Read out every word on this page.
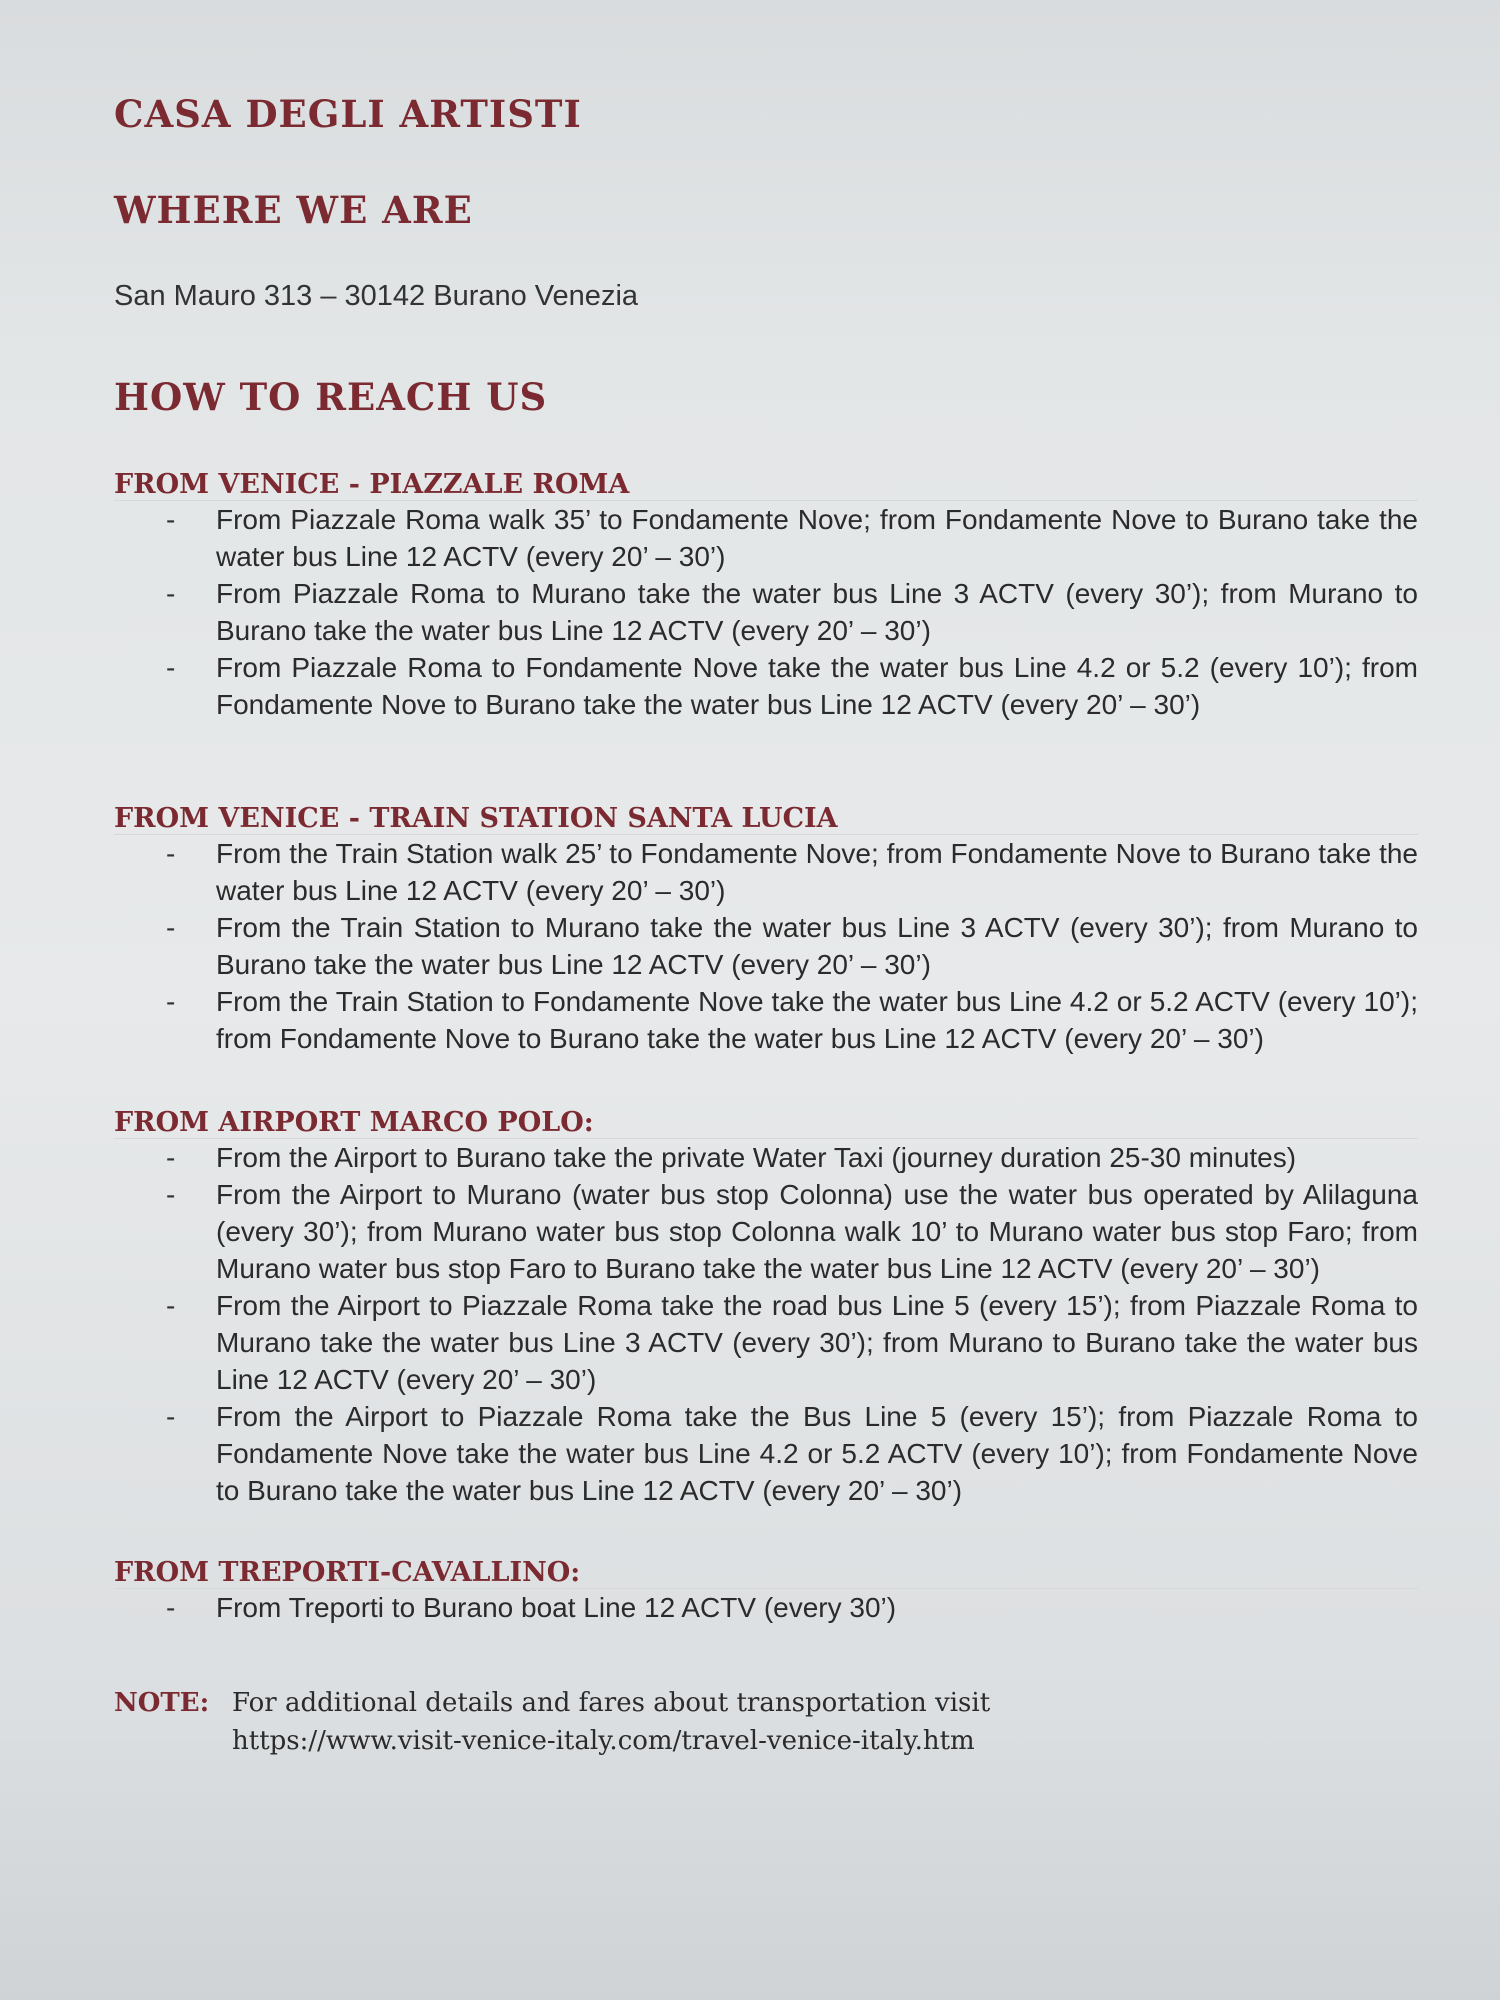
CASA DEGLI ARTISTI
WHERE WE ARE
San Mauro 313 – 30142 Burano Venezia
HOW TO REACH US
FROM VENICE - PIAZZALE ROMA
- From Piazzale Roma walk 35’ to Fondamente Nove; from Fondamente Nove to Burano take the water bus Line 12 ACTV (every 20’ – 30’)
- From Piazzale Roma to Murano take the water bus Line 3 ACTV (every 30’); from Murano to Burano take the water bus Line 12 ACTV (every 20’ – 30’)
- From Piazzale Roma to Fondamente Nove take the water bus Line 4.2 or 5.2 (every 10’); from Fondamente Nove to Burano take the water bus Line 12 ACTV (every 20’ – 30’)
FROM VENICE - TRAIN STATION SANTA LUCIA
- From the Train Station walk 25’ to Fondamente Nove; from Fondamente Nove to Burano take the water bus Line 12 ACTV (every 20’ – 30’)
- From the Train Station to Murano take the water bus Line 3 ACTV (every 30’); from Murano to Burano take the water bus Line 12 ACTV (every 20’ – 30’)
- From the Train Station to Fondamente Nove take the water bus Line 4.2 or 5.2 ACTV (every 10’); from Fondamente Nove to Burano take the water bus Line 12 ACTV (every 20’ – 30’)
FROM AIRPORT MARCO POLO:
- From the Airport to Burano take the private Water Taxi (journey duration 25-30 minutes)
- From the Airport to Murano (water bus stop Colonna) use the water bus operated by Alilaguna (every 30’); from Murano water bus stop Colonna walk 10’ to Murano water bus stop Faro; from Murano water bus stop Faro to Burano take the water bus Line 12 ACTV (every 20’ – 30’)
- From the Airport to Piazzale Roma take the road bus Line 5 (every 15’); from Piazzale Roma to Murano take the water bus Line 3 ACTV (every 30’); from Murano to Burano take the water bus Line 12 ACTV (every 20’ – 30’)
- From the Airport to Piazzale Roma take the Bus Line 5 (every 15’); from Piazzale Roma to Fondamente Nove take the water bus Line 4.2 or 5.2 ACTV (every 10’); from Fondamente Nove to Burano take the water bus Line 12 ACTV (every 20’ – 30’)
FROM TREPORTI-CAVALLINO:
- From Treporti to Burano boat Line 12 ACTV (every 30’)
NOTE: For additional details and fares about transportation visit
https://www.visit-venice-italy.com/travel-venice-italy.htm
